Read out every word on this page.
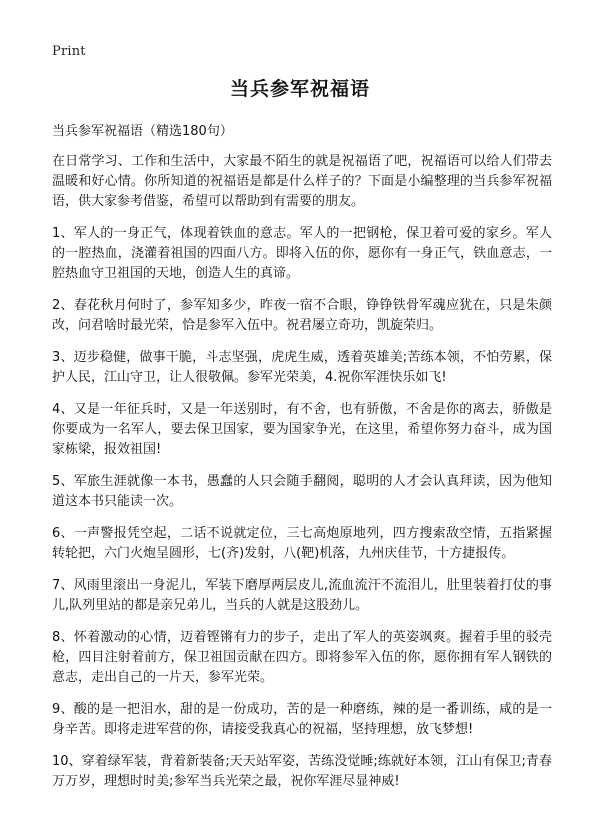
Print
当兵参军祝福语
当兵参军祝福语（精选180句）

在日常学习、工作和生活中，大家最不陌生的就是祝福语了吧，祝福语可以给人们带去温暖和好心情。你所知道的祝福语是都是什么样子的？下面是小编整理的当兵参军祝福语，供大家参考借鉴，希望可以帮助到有需要的朋友。

1、军人的一身正气，体现着铁血的意志。军人的一把钢枪，保卫着可爱的家乡。军人的一腔热血，浇灌着祖国的四面八方。即将入伍的你，愿你有一身正气，铁血意志，一腔热血守卫祖国的天地，创造人生的真谛。

2、春花秋月何时了，参军知多少，昨夜一宿不合眼，铮铮铁骨军魂应犹在，只是朱颜改，问君啥时最光荣，恰是参军入伍中。祝君屡立奇功，凯旋荣归。

3、迈步稳健，做事干脆，斗志坚强，虎虎生威，透着英雄美;苦练本领，不怕劳累，保护人民，江山守卫，让人很敬佩。参军光荣美，4.祝你军涯快乐如飞!

4、又是一年征兵时，又是一年送别时，有不舍，也有骄傲，不舍是你的离去，骄傲是你要成为一名军人，要去保卫国家，要为国家争光，在这里，希望你努力奋斗，成为国家栋梁，报效祖国!

5、军旅生涯就像一本书，愚蠢的人只会随手翻阅，聪明的人才会认真拜读，因为他知道这本书只能读一次。

6、一声警报凭空起，二话不说就定位，三七高炮原地列，四方搜索敌空情，五指紧握转轮把，六门火炮呈圆形，七(齐)发射，八(靶)机落，九州庆佳节，十方捷报传。

7、风雨里滚出一身泥儿，军装下磨厚两层皮儿,流血流汗不流泪儿，肚里装着打仗的事儿,队列里站的都是亲兄弟儿，当兵的人就是这股劲儿。

8、怀着激动的心情，迈着铿锵有力的步子，走出了军人的英姿飒爽。握着手里的驳壳枪，四目注射着前方，保卫祖国贡献在四方。即将参军入伍的你，愿你拥有军人钢铁的意志，走出自己的一片天，参军光荣。

9、酸的是一把泪水，甜的是一份成功，苦的是一种磨练，辣的是一番训练，咸的是一身辛苦。即将走进军营的你，请接受我真心的祝福，坚持理想，放飞梦想!

10、穿着绿军装，背着新装备;天天站军姿，苦练没觉睡;练就好本领，江山有保卫;青春万万岁，理想时时美;参军当兵光荣之最，祝你军涯尽显神威!
